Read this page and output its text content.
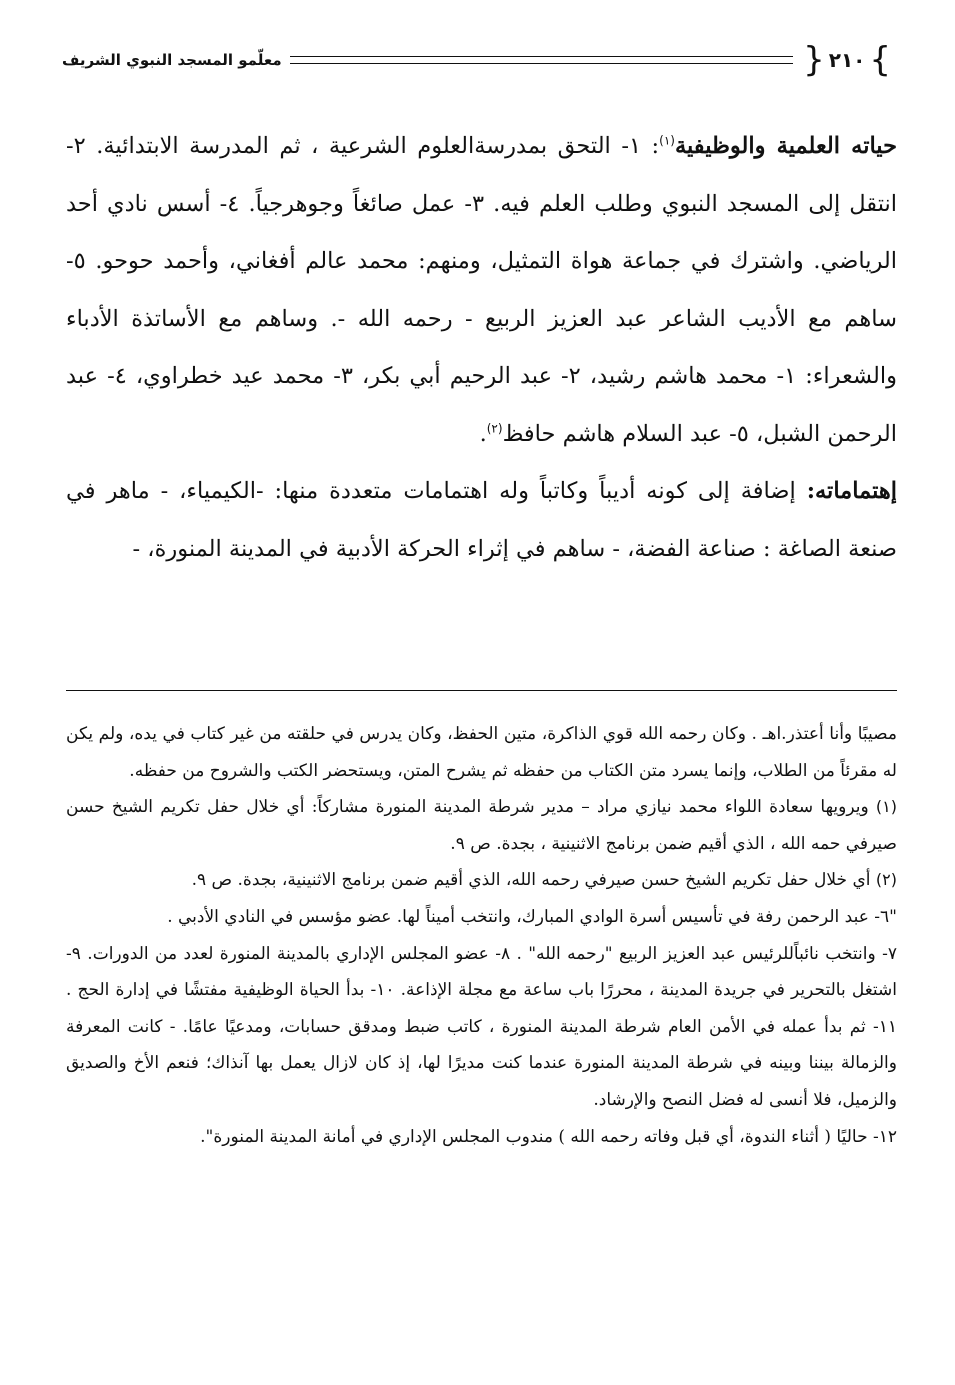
}
٢١٠
{
معلّمو المسجد النبوي الشريف

حياته العلمية والوظيفية$^{(١)}$: ١- التحق بمدرسةالعلوم الشرعية ، ثم المدرسة الابتدائية. ٢- انتقل إلى المسجد النبوي وطلب العلم فيه. ٣- عمل صائغاً وجوهرجياً. ٤- أسس نادي أحد الرياضي. واشترك في جماعة هواة التمثيل، ومنهم: محمد عالم أفغاني، وأحمد حوحو. ٥- ساهم مع الأديب الشاعر عبد العزيز الربيع - رحمه الله -. وساهم مع الأساتذة الأدباء والشعراء: ١- محمد هاشم رشيد، ٢- عبد الرحيم أبي بكر، ٣- محمد عيد خطراوي، ٤- عبد الرحمن الشبل، ٥- عبد السلام هاشم حافظ$^{(٢)}$.

إهتماماته: إضافة إلى كونه أديباً وكاتباً وله اهتمامات متعددة منها: -الكيمياء، - ماهر في صنعة الصاغة : صناعة الفضة، - ساهم في إثراء الحركة الأدبية في المدينة المنورة، -

مصيبًا وأنا أعتذر.اهـ . وكان رحمه الله قوي الذاكرة، متين الحفظ، وكان يدرس في حلقته من غير كتاب في يده، ولم يكن له مقرئاً من الطلاب، وإنما يسرد متن الكتاب من حفظه ثم يشرح المتن، ويستحضر الكتب والشروح من حفظه.

(١) ويرويها سعادة اللواء محمد نيازي مراد – مدير شرطة المدينة المنورة مشاركاً: أي خلال حفل تكريم الشيخ حسن صيرفي حمه الله ، الذي أقيم ضمن برنامج الاثنينية ، بجدة. ص ٩.

(٢) أي خلال حفل تكريم الشيخ حسن صيرفي رحمه الله، الذي أقيم ضمن برنامج الاثنينية، بجدة. ص ٩.

"٦- عبد الرحمن رفة في تأسيس أسرة الوادي المبارك، وانتخب أميناً لها. عضو مؤسس في النادي الأدبي .

٧- وانتخب نائباًللرئيس عبد العزيز الربيع "رحمه الله" . ٨- عضو المجلس الإداري بالمدينة المنورة لعدد من الدورات. ٩- اشتغل بالتحرير في جريدة المدينة ، محررًا باب ساعة مع مجلة الإذاعة. ١٠- بدأ الحياة الوظيفية مفتشًا في إدارة الحج . ١١- ثم بدأ عمله في الأمن العام شرطة المدينة المنورة ، كاتب ضبط ومدقق حسابات، ومدعيًا عامًا. - كانت المعرفة والزمالة بيننا وبينه في شرطة المدينة المنورة عندما كنت مديرًا لها، إذ كان لازال يعمل بها آنذاك؛ فنعم الأخ والصديق والزميل، فلا أنسى له فضل النصح والإرشاد.

١٢- حاليًا ( أثناء الندوة، أي قبل وفاته رحمه الله ) مندوب المجلس الإداري في أمانة المدينة المنورة".
